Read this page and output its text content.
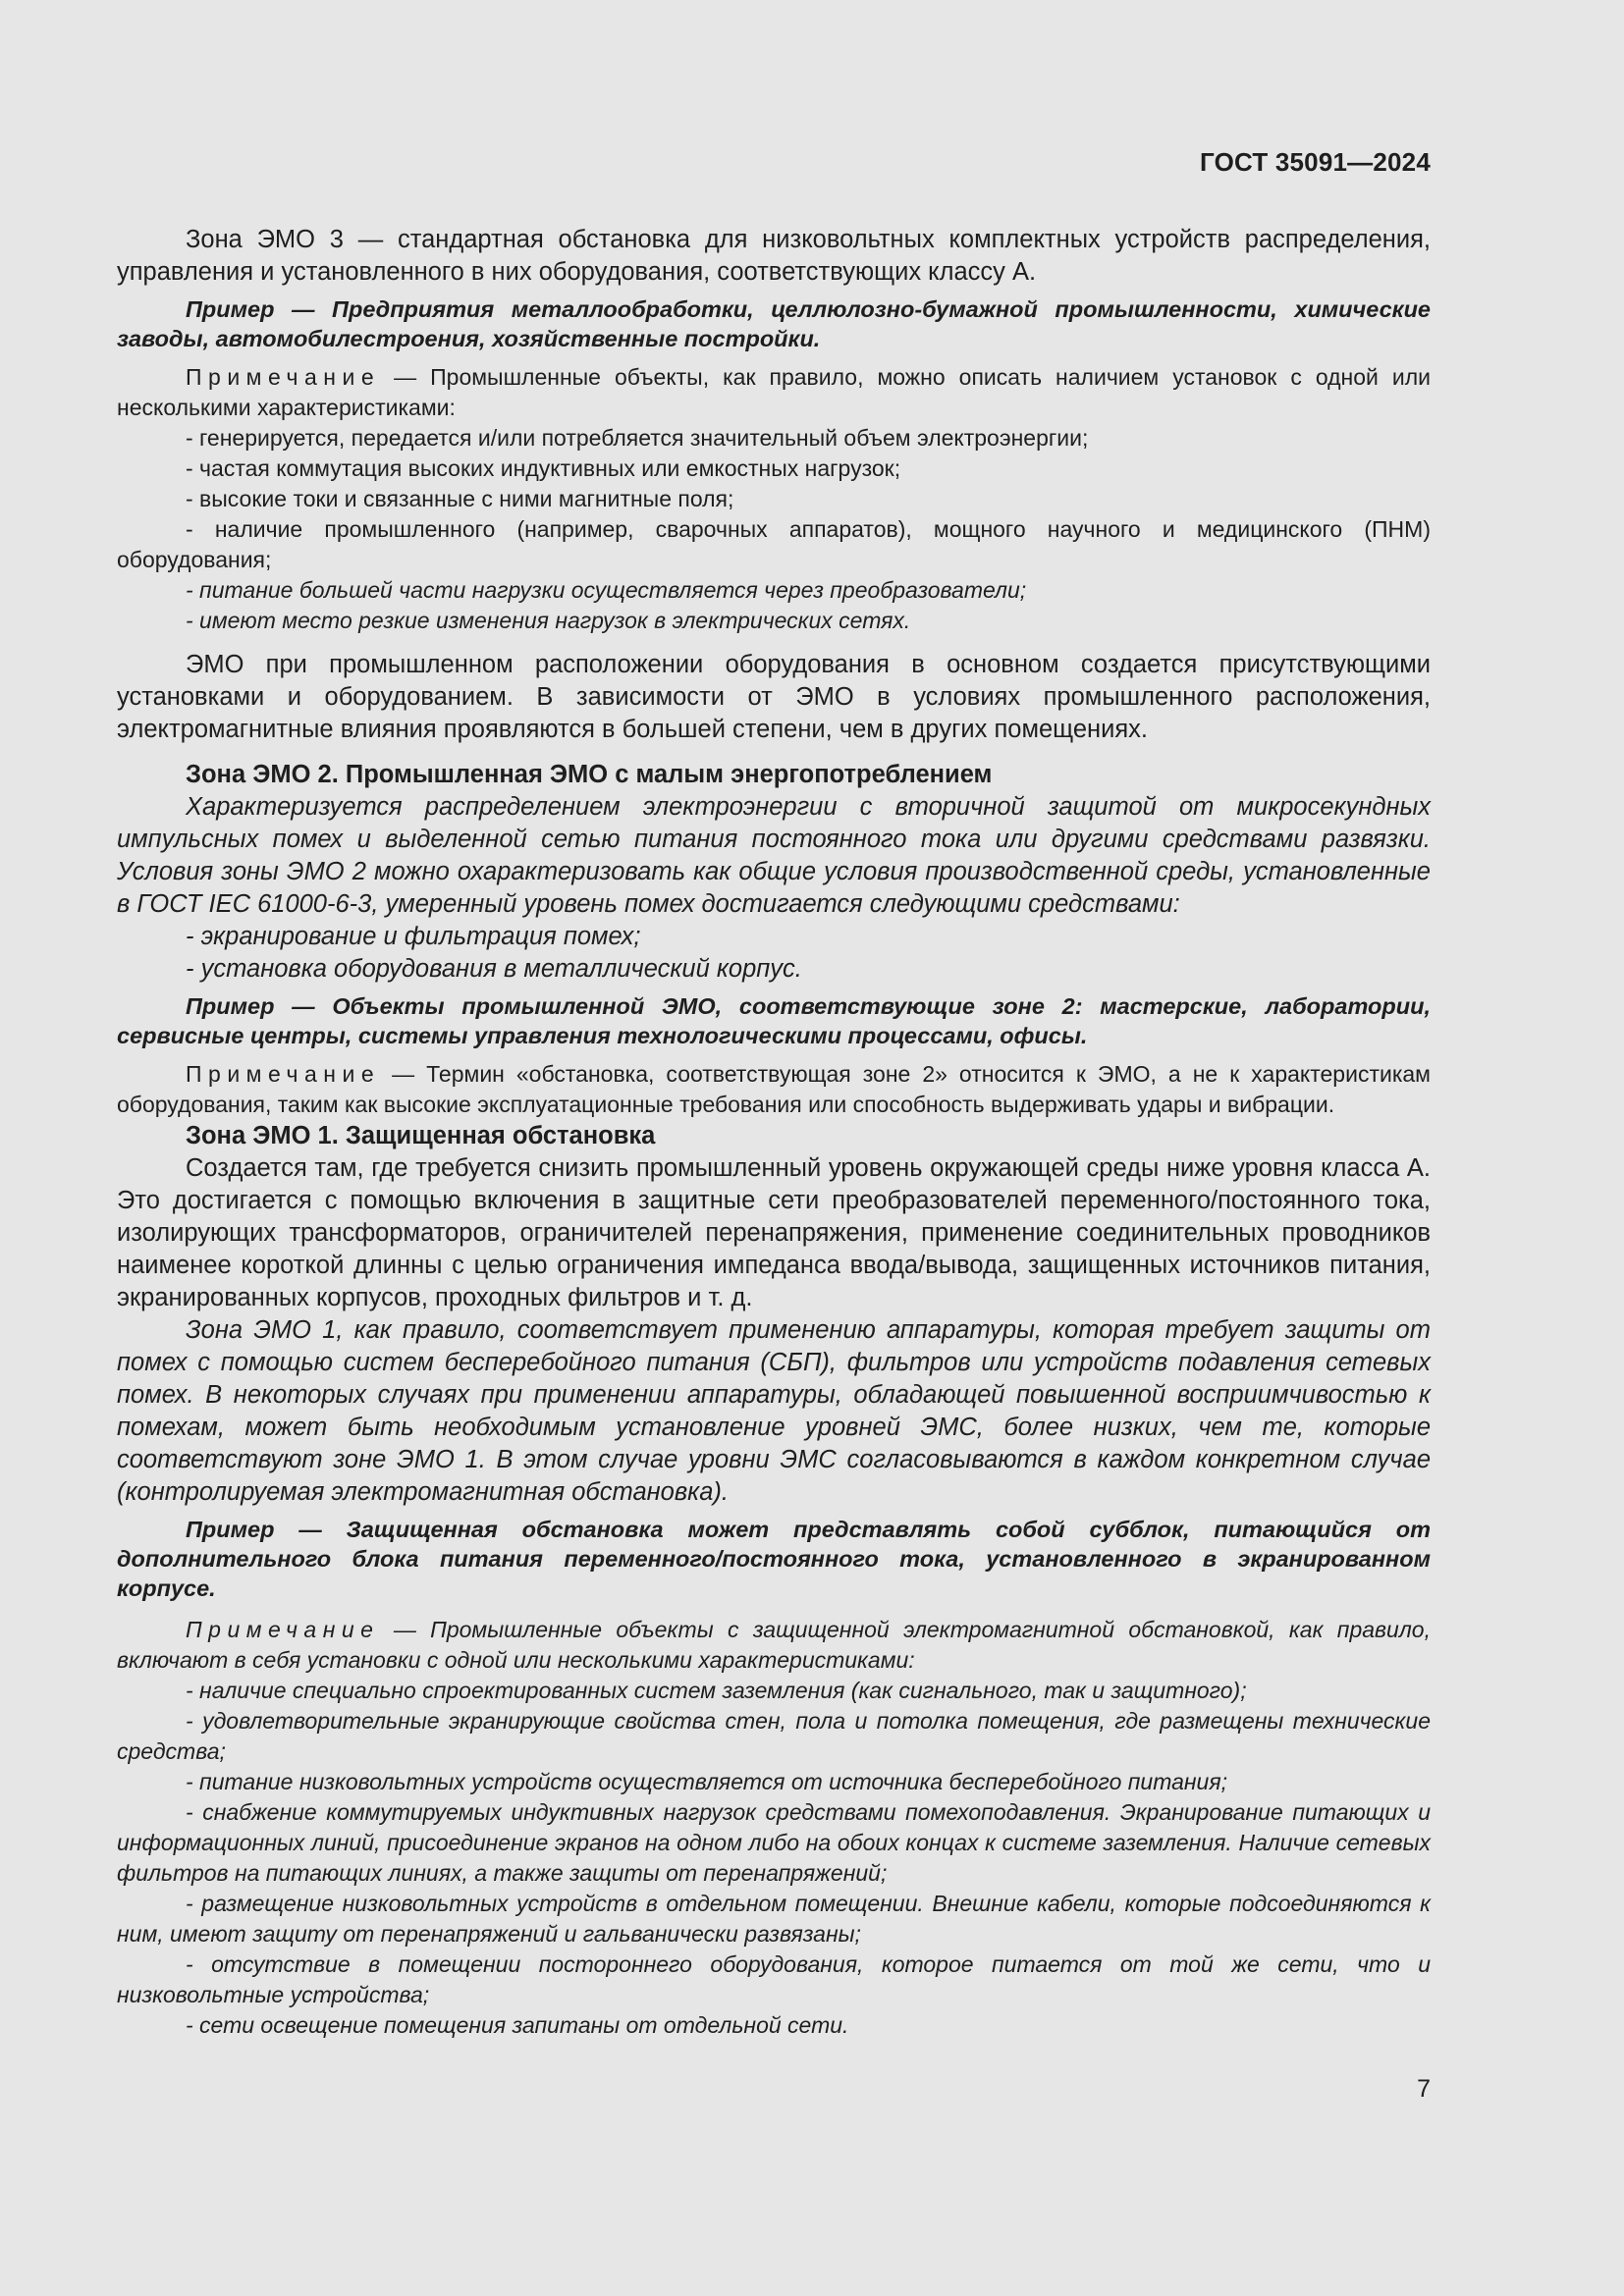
ГОСТ 35091—2024

Зона ЭМО 3 — стандартная обстановка для низковольтных комплектных устройств распределения, управления и установленного в них оборудования, соответствующих классу А.

Пример — Предприятия металлообработки, целлюлозно-бумажной промышленности, химические заводы, автомобилестроения, хозяйственные постройки.

Примечание — Промышленные объекты, как правило, можно описать наличием установок с одной или несколькими характеристиками:

- генерируется, передается и/или потребляется значительный объем электроэнергии;

- частая коммутация высоких индуктивных или емкостных нагрузок;

- высокие токи и связанные с ними магнитные поля;

- наличие промышленного (например, сварочных аппаратов), мощного научного и медицинского (ПНМ) оборудования;

- питание большей части нагрузки осуществляется через преобразователи;

- имеют место резкие изменения нагрузок в электрических сетях.

ЭМО при промышленном расположении оборудования в основном создается присутствующими установками и оборудованием. В зависимости от ЭМО в условиях промышленного расположения, электромагнитные влияния проявляются в большей степени, чем в других помещениях.

Зона ЭМО 2. Промышленная ЭМО с малым энергопотреблением

Характеризуется распределением электроэнергии с вторичной защитой от микросекундных импульсных помех и выделенной сетью питания постоянного тока или другими средствами развязки. Условия зоны ЭМО 2 можно охарактеризовать как общие условия производственной среды, установленные в ГОСТ IEC 61000-6-3, умеренный уровень помех достигается следующими средствами:

- экранирование и фильтрация помех;

- установка оборудования в металлический корпус.

Пример — Объекты промышленной ЭМО, соответствующие зоне 2: мастерские, лаборатории, сервисные центры, системы управления технологическими процессами, офисы.

Примечание — Термин «обстановка, соответствующая зоне 2» относится к ЭМО, а не к характеристикам оборудования, таким как высокие эксплуатационные требования или способность выдерживать удары и вибрации.

Зона ЭМО 1. Защищенная обстановка

Создается там, где требуется снизить промышленный уровень окружающей среды ниже уровня класса А. Это достигается с помощью включения в защитные сети преобразователей переменного/постоянного тока, изолирующих трансформаторов, ограничителей перенапряжения, применение соединительных проводников наименее короткой длинны с целью ограничения импеданса ввода/вывода, защищенных источников питания, экранированных корпусов, проходных фильтров и т. д.

Зона ЭМО 1, как правило, соответствует применению аппаратуры, которая требует защиты от помех с помощью систем бесперебойного питания (СБП), фильтров или устройств подавления сетевых помех. В некоторых случаях при применении аппаратуры, обладающей повышенной восприимчивостью к помехам, может быть необходимым установление уровней ЭМС, более низких, чем те, которые соответствуют зоне ЭМО 1. В этом случае уровни ЭМС согласовываются в каждом конкретном случае (контролируемая электромагнитная обстановка).

Пример — Защищенная обстановка может представлять собой субблок, питающийся от дополнительного блока питания переменного/постоянного тока, установленного в экранированном корпусе.

Примечание — Промышленные объекты с защищенной электромагнитной обстановкой, как правило, включают в себя установки с одной или несколькими характеристиками:

- наличие специально спроектированных систем заземления (как сигнального, так и защитного);

- удовлетворительные экранирующие свойства стен, пола и потолка помещения, где размещены технические средства;

- питание низковольтных устройств осуществляется от источника бесперебойного питания;

- снабжение коммутируемых индуктивных нагрузок средствами помехоподавления. Экранирование питающих и информационных линий, присоединение экранов на одном либо на обоих концах к системе заземления. Наличие сетевых фильтров на питающих линиях, а также защиты от перенапряжений;

- размещение низковольтных устройств в отдельном помещении. Внешние кабели, которые подсоединяются к ним, имеют защиту от перенапряжений и гальванически развязаны;

- отсутствие в помещении постороннего оборудования, которое питается от той же сети, что и низковольтные устройства;

- сети освещение помещения запитаны от отдельной сети.

7
